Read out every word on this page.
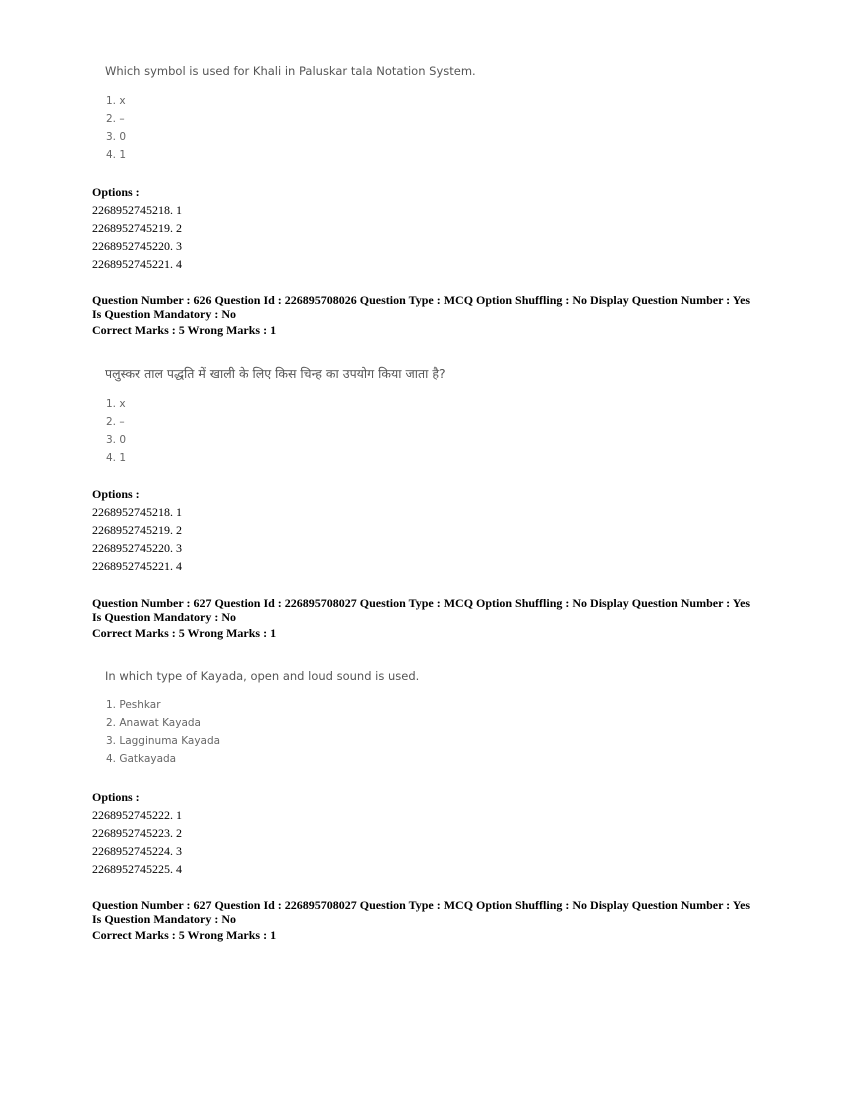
Which symbol is used for Khali in Paluskar tala Notation System.
1. x
2. –
3. 0
4. 1
Options :
2268952745218. 1
2268952745219. 2
2268952745220. 3
2268952745221. 4
Question Number : 626 Question Id : 226895708026 Question Type : MCQ Option Shuffling : No Display Question Number : Yes Is Question Mandatory : No
Correct Marks : 5 Wrong Marks : 1
पलुस्कर ताल पद्धति में खाली के लिए किस चिन्ह का उपयोग किया जाता है?
1. x
2. –
3. 0
4. 1
Options :
2268952745218. 1
2268952745219. 2
2268952745220. 3
2268952745221. 4
Question Number : 627 Question Id : 226895708027 Question Type : MCQ Option Shuffling : No Display Question Number : Yes Is Question Mandatory : No
Correct Marks : 5 Wrong Marks : 1
In which type of Kayada, open and loud sound is used.
1. Peshkar
2. Anawat Kayada
3. Lagginuma Kayada
4. Gatkayada
Options :
2268952745222. 1
2268952745223. 2
2268952745224. 3
2268952745225. 4
Question Number : 627 Question Id : 226895708027 Question Type : MCQ Option Shuffling : No Display Question Number : Yes Is Question Mandatory : No
Correct Marks : 5 Wrong Marks : 1
